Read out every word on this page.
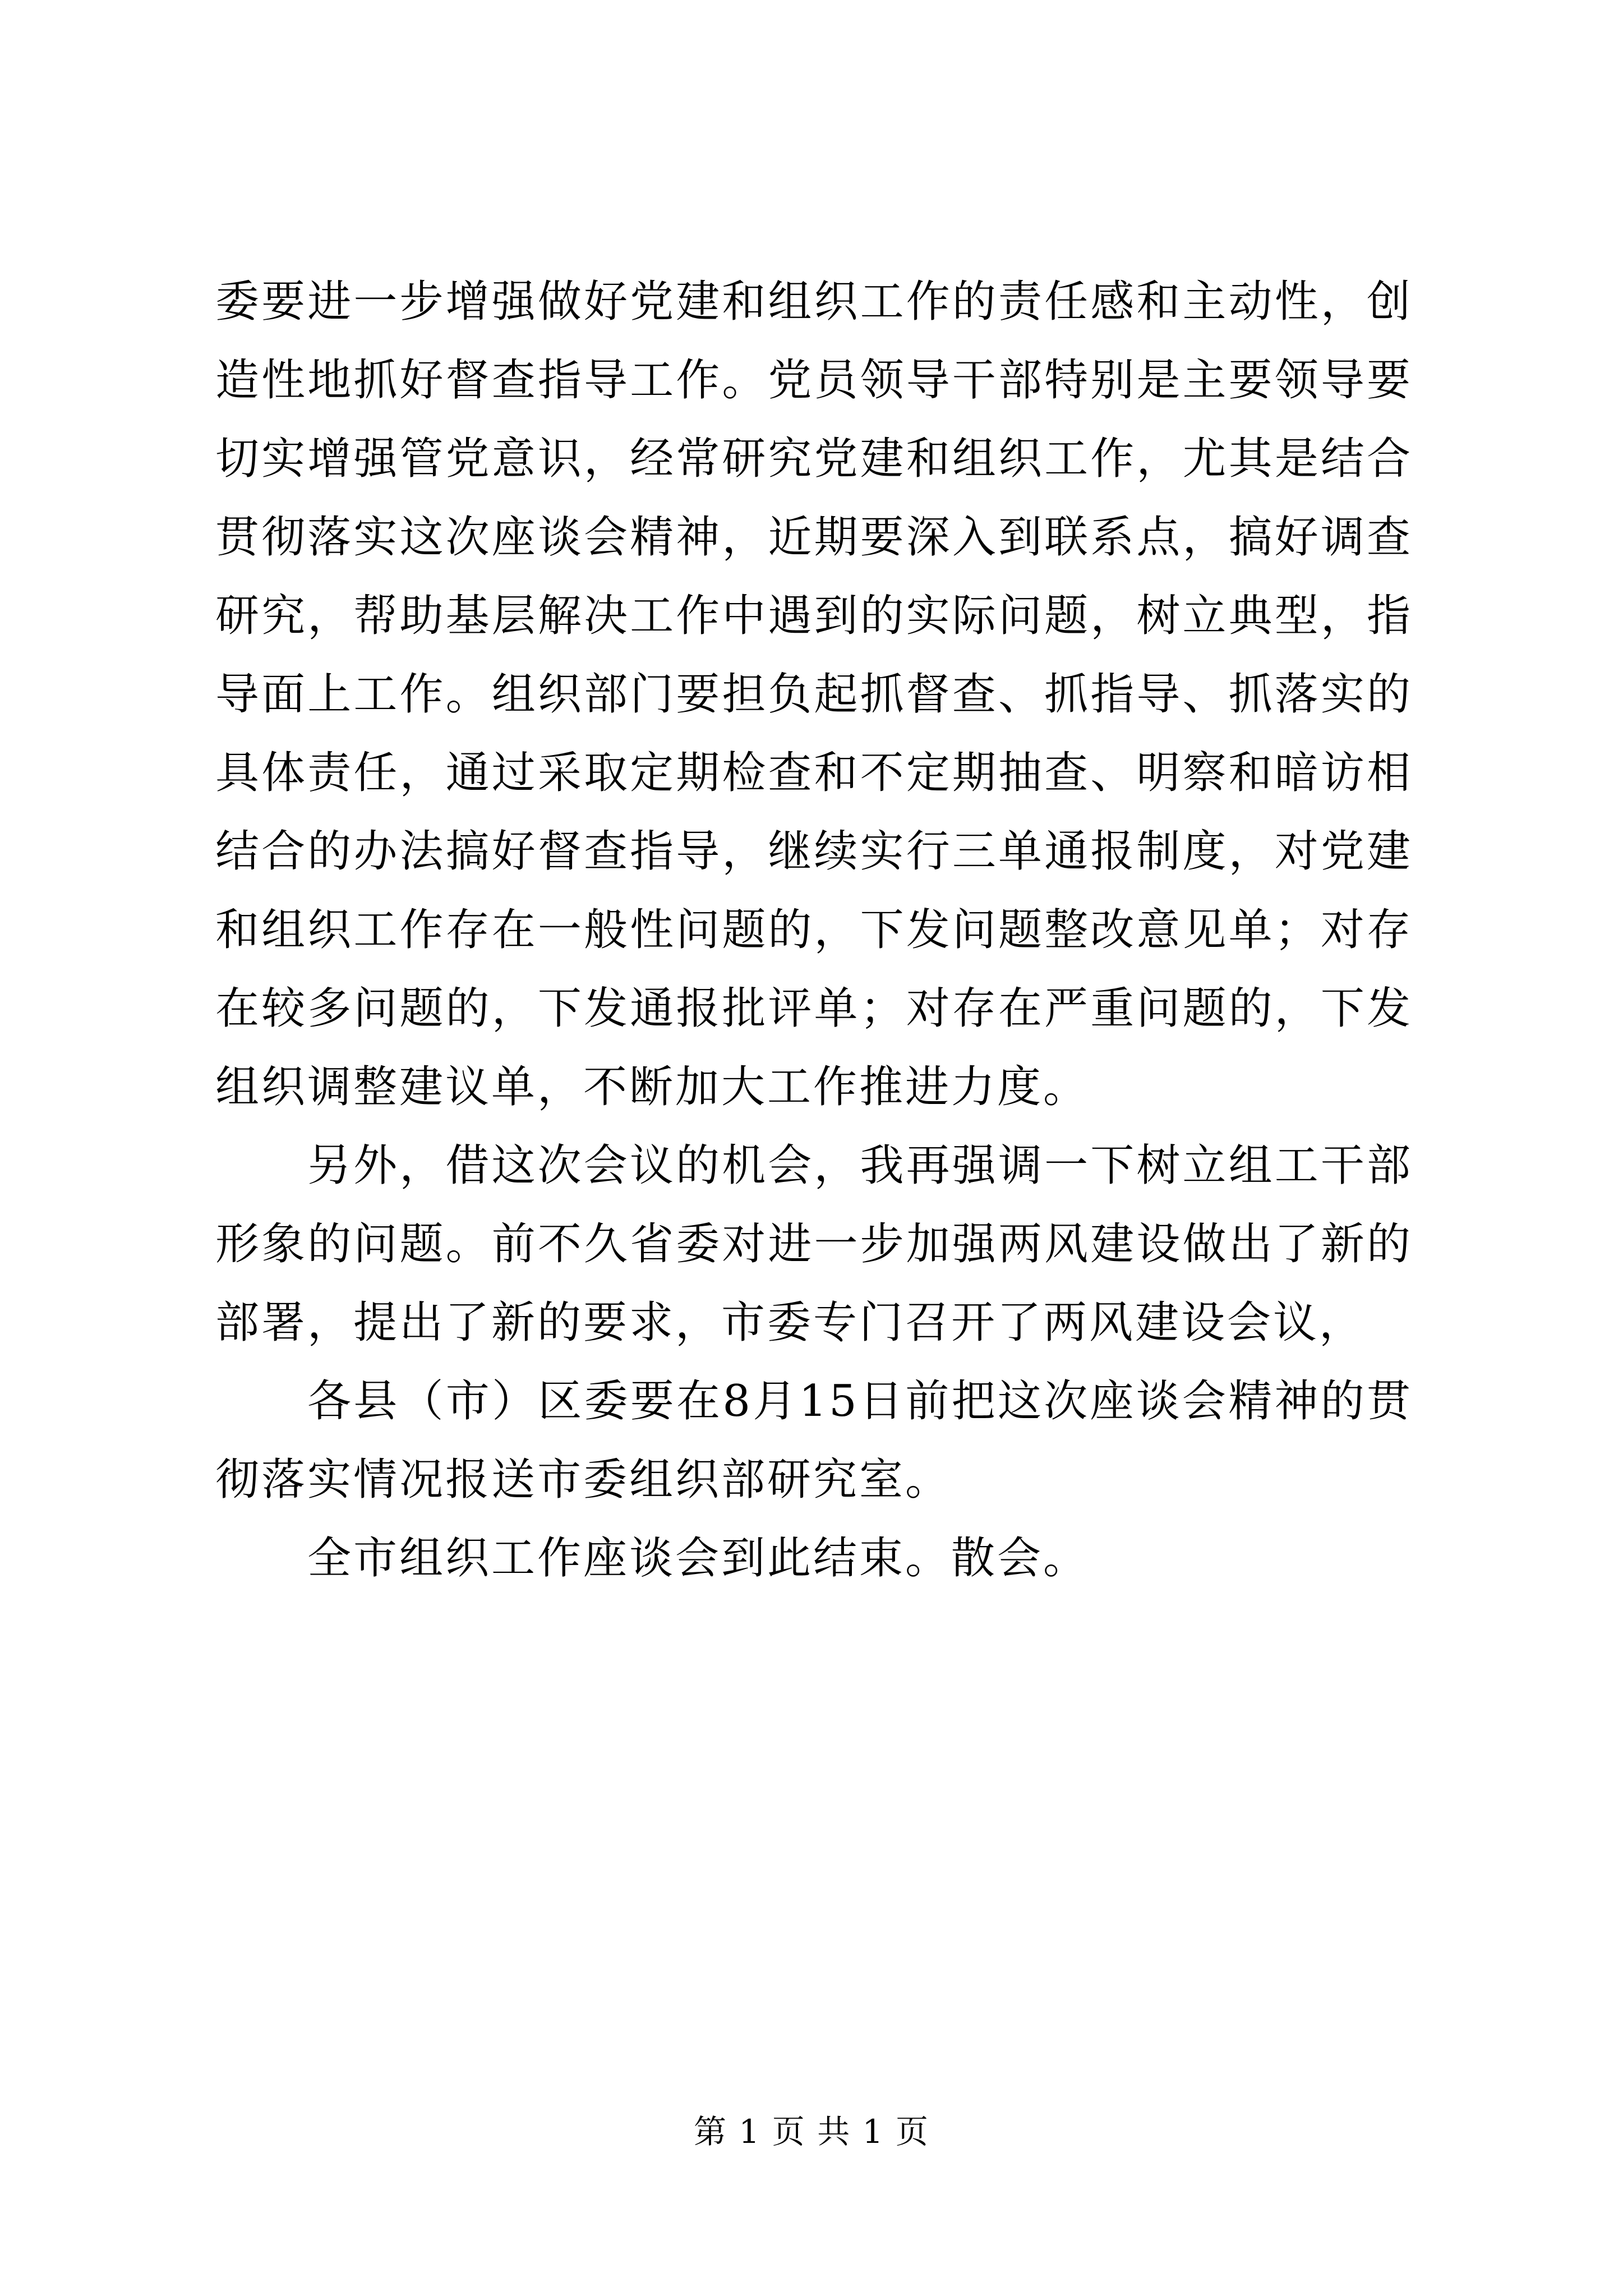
委要进一步增强做好党建和组织工作的责任感和主动性，创造性地抓好督查指导工作。党员领导干部特别是主要领导要切实增强管党意识，经常研究党建和组织工作，尤其是结合贯彻落实这次座谈会精神，近期要深入到联系点，搞好调查研究，帮助基层解决工作中遇到的实际问题，树立典型，指导面上工作。组织部门要担负起抓督查、抓指导、抓落实的具体责任，通过采取定期检查和不定期抽查、明察和暗访相结合的办法搞好督查指导，继续实行三单通报制度，对党建和组织工作存在一般性问题的，下发问题整改意见单；对存在较多问题的，下发通报批评单；对存在严重问题的，下发组织调整建议单，不断加大工作推进力度。

另外，借这次会议的机会，我再强调一下树立组工干部形象的问题。前不久省委对进一步加强两风建设做出了新的部署，提出了新的要求，市委专门召开了两风建设会议，

各县（市）区委要在8月15日前把这次座谈会精神的贯彻落实情况报送市委组织部研究室。

全市组织工作座谈会到此结束。散会。

第 1 页 共 1 页
